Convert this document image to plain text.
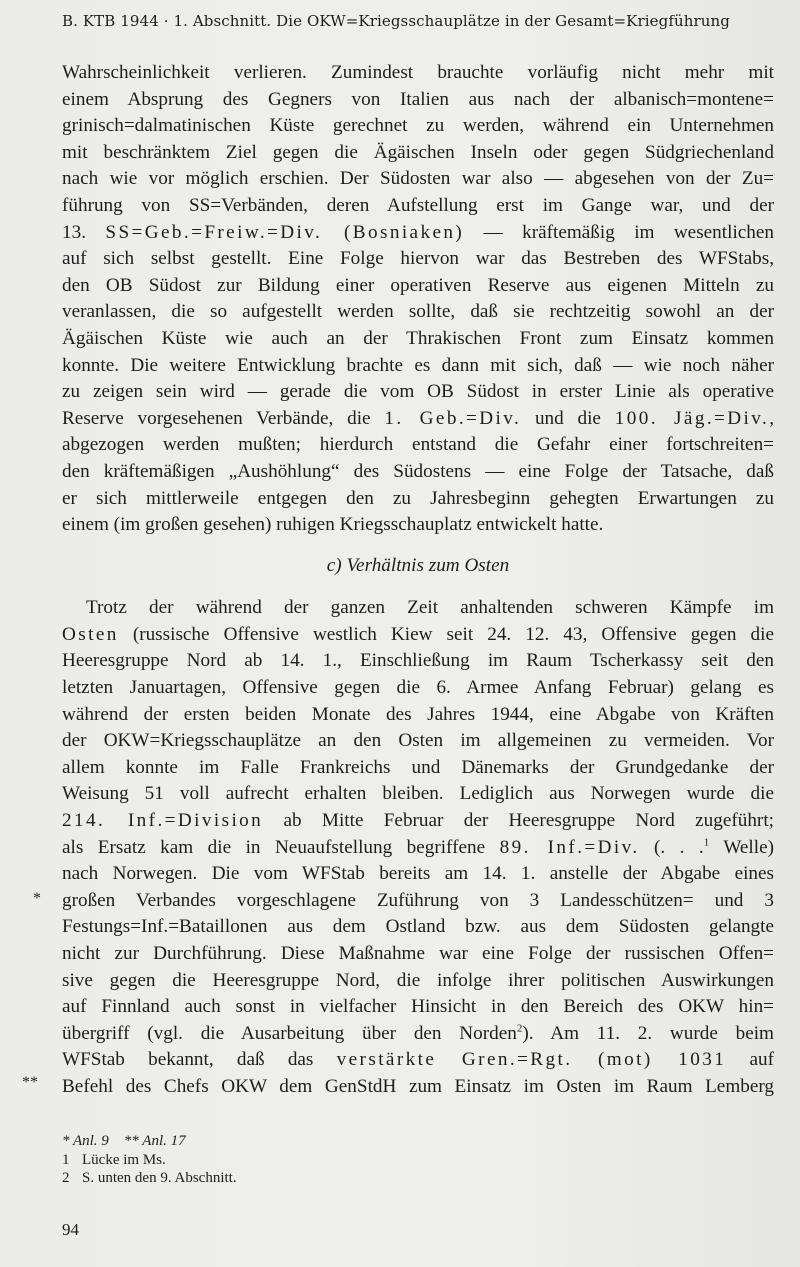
B. KTB 1944 · 1. Abschnitt. Die OKW=Kriegsschauplätze in der Gesamt=Kriegführung
Wahrscheinlichkeit verlieren. Zumindest brauchte vorläufig nicht mehr mit
einem Absprung des Gegners von Italien aus nach der albanisch=montene=
grinisch=dalmatinischen Küste gerechnet zu werden, während ein Unternehmen
mit beschränktem Ziel gegen die Ägäischen Inseln oder gegen Südgriechenland
nach wie vor möglich erschien. Der Südosten war also — abgesehen von der Zu=
führung von SS=Verbänden, deren Aufstellung erst im Gange war, und der
13. SS=Geb.=Freiw.=Div. (Bosniaken) — kräftemäßig im wesentlichen
auf sich selbst gestellt. Eine Folge hiervon war das Bestreben des WFStabs,
den OB Südost zur Bildung einer operativen Reserve aus eigenen Mitteln zu
veranlassen, die so aufgestellt werden sollte, daß sie rechtzeitig sowohl an der
Ägäischen Küste wie auch an der Thrakischen Front zum Einsatz kommen
konnte. Die weitere Entwicklung brachte es dann mit sich, daß — wie noch näher
zu zeigen sein wird — gerade die vom OB Südost in erster Linie als operative
Reserve vorgesehenen Verbände, die 1. Geb.=Div. und die 100. Jäg.=Div.,
abgezogen werden mußten; hierdurch entstand die Gefahr einer fortschreiten=
den kräftemäßigen „Aushöhlung“ des Südostens — eine Folge der Tatsache, daß
er sich mittlerweile entgegen den zu Jahresbeginn gehegten Erwartungen zu
einem (im großen gesehen) ruhigen Kriegsschauplatz entwickelt hatte.
c) Verhältnis zum Osten
Trotz der während der ganzen Zeit anhaltenden schweren Kämpfe im
Osten (russische Offensive westlich Kiew seit 24. 12. 43, Offensive gegen die
Heeresgruppe Nord ab 14. 1., Einschließung im Raum Tscherkassy seit den
letzten Januartagen, Offensive gegen die 6. Armee Anfang Februar) gelang es
während der ersten beiden Monate des Jahres 1944, eine Abgabe von Kräften
der OKW=Kriegsschauplätze an den Osten im allgemeinen zu vermeiden. Vor
allem konnte im Falle Frankreichs und Dänemarks der Grundgedanke der
Weisung 51 voll aufrecht erhalten bleiben. Lediglich aus Norwegen wurde die
214. Inf.=Division ab Mitte Februar der Heeresgruppe Nord zugeführt;
als Ersatz kam die in Neuaufstellung begriffene 89. Inf.=Div. (. . .$^1$ Welle)
nach Norwegen. Die vom WFStab bereits am 14. 1. anstelle der Abgabe eines
großen Verbandes vorgeschlagene Zuführung von 3 Landesschützen= und 3
Festungs=Inf.=Bataillonen aus dem Ostland bzw. aus dem Südosten gelangte
nicht zur Durchführung. Diese Maßnahme war eine Folge der russischen Offen=
sive gegen die Heeresgruppe Nord, die infolge ihrer politischen Auswirkungen
auf Finnland auch sonst in vielfacher Hinsicht in den Bereich des OKW hin=
übergriff (vgl. die Ausarbeitung über den Norden$^2$). Am 11. 2. wurde beim
WFStab bekannt, daß das verstärkte Gren.=Rgt. (mot) 1031 auf
Befehl des Chefs OKW dem GenStdH zum Einsatz im Osten im Raum Lemberg
*
**
* Anl. 9    ** Anl. 17
1 Lücke im Ms.
2 S. unten den 9. Abschnitt.
94
